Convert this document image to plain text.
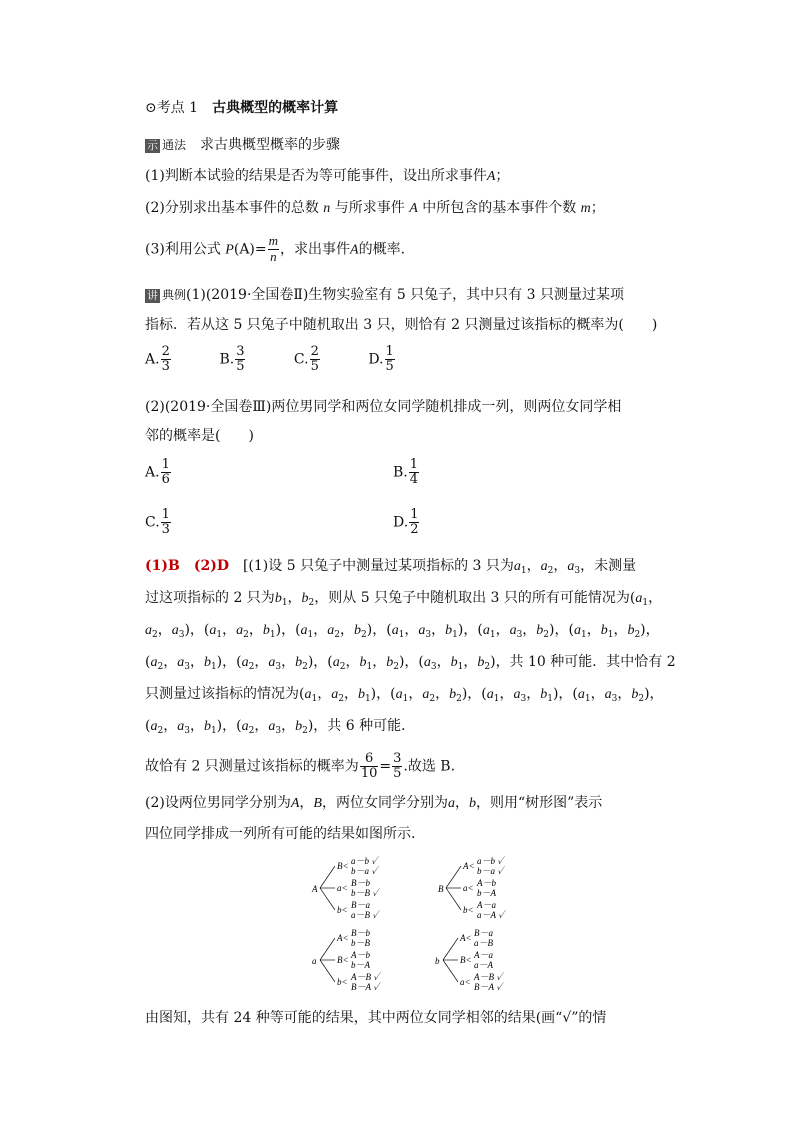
⊙考点 1　 古典概型的概率计算
示 通法 求古典概型概率的步骤
(1)判断本试验的结果是否为等可能事件，设出所求事件A；
(2)分别求出基本事件的总数 n 与所求事件 A 中所包含的基本事件个数 m；
(3)利用公式 $P(A)= \frac{m}{n}$ ，求出事件A的概率.
讲 典例(1)(2019·全国卷Ⅱ)生物实验室有 5 只兔子，其中只有 3 只测量过某项
指标．若从这 5 只兔子中随机取出 3 只，则恰有 2 只测量过该指标的概率为(　　)
A. $\frac{2}{3}$	B. $\frac{3}{5}$	C. $\frac{2}{5}$	D. $\frac{1}{5}$
(2)(2019·全国卷Ⅲ)两位男同学和两位女同学随机排成一列，则两位女同学相
邻的概率是(　　)
A. $\frac{1}{6}$	B. $\frac{1}{4}$
C. $\frac{1}{3}$	D. $\frac{1}{2}$
(1)B　 (2)D　 [(1)设 5 只兔子中测量过某项指标的 3 只为$a_1$，$a_2$，$a_3$，未测量
过这项指标的 2 只为$b_1$，$b_2$，则从 5 只兔子中随机取出 3 只的所有可能情况为($a_1$，
$a_2$，$a_3$)，($a_1$，$a_2$，$b_1$)，($a_1$，$a_2$，$b_2$)，($a_1$，$a_3$，$b_1$)，($a_1$，$a_3$，$b_2$)，($a_1$，$b_1$，$b_2$)，
($a_2$，$a_3$，$b_1$)，($a_2$，$a_3$，$b_2$)，($a_2$，$b_1$，$b_2$)，($a_3$，$b_1$，$b_2$)，共 10 种可能．其中恰有 2
只测量过该指标的情况为($a_1$，$a_2$，$b_1$)，($a_1$，$a_2$，$b_2$)，($a_1$，$a_3$，$b_1$)，($a_1$，$a_3$，$b_2$)，
($a_2$，$a_3$，$b_1$)，($a_2$，$a_3$，$b_2$)，共 6 种可能．
故恰有 2 只测量过该指标的概率为 $\frac{6}{10} = \frac{3}{5}$ .故选 B.
(2)设两位男同学分别为A，B，两位女同学分别为a，b，则用“树形图”表示
四位同学排成一列所有可能的结果如图所示.
A
B< a－b ✓
b－a ✓
a< B－b
b－B ✓
b< B－a
a－B ✓
B
A< a－b ✓
b－a ✓
a< A－b
b－A
b< A－a
a－A ✓
a
A< B－b
b－B
B< A－b
b－A
b< A－B ✓
B－A ✓
b
A< B－a
a－B
B< A－a
a－A
a< A－B ✓
B－A ✓
由图知，共有 24 种等可能的结果，其中两位女同学相邻的结果(画“√”的情
